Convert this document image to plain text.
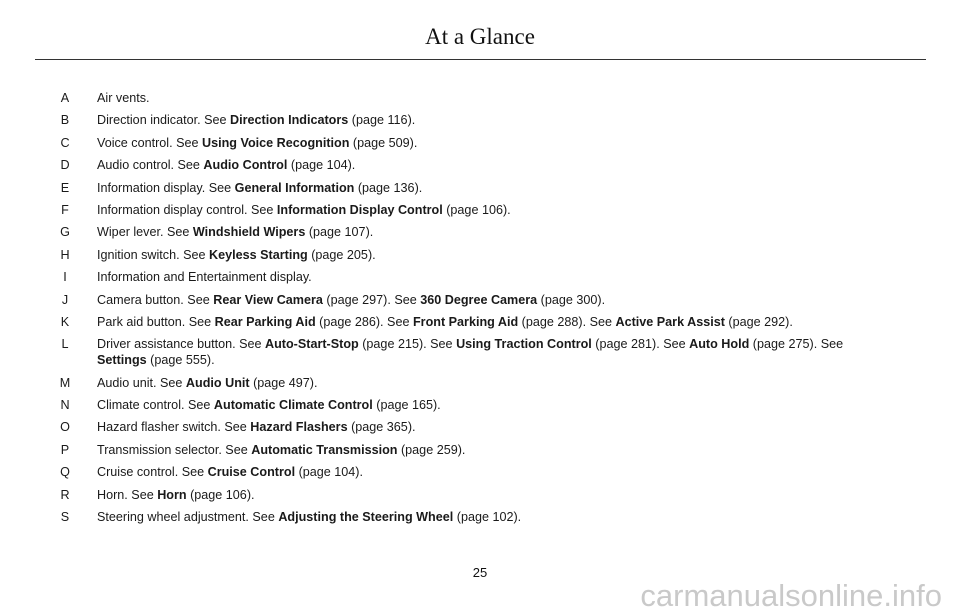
At a Glance
A	Air vents.
B	Direction indicator. See Direction Indicators (page 116).
C	Voice control. See Using Voice Recognition (page 509).
D	Audio control. See Audio Control (page 104).
E	Information display. See General Information (page 136).
F	Information display control. See Information Display Control (page 106).
G	Wiper lever. See Windshield Wipers (page 107).
H	Ignition switch. See Keyless Starting (page 205).
I	Information and Entertainment display.
J	Camera button. See Rear View Camera (page 297). See 360 Degree Camera (page 300).
K	Park aid button. See Rear Parking Aid (page 286). See Front Parking Aid (page 288). See Active Park Assist (page 292).
L	Driver assistance button. See Auto-Start-Stop (page 215). See Using Traction Control (page 281). See Auto Hold (page 275). See
Settings (page 555).
M	Audio unit. See Audio Unit (page 497).
N	Climate control. See Automatic Climate Control (page 165).
O	Hazard flasher switch. See Hazard Flashers (page 365).
P	Transmission selector. See Automatic Transmission (page 259).
Q	Cruise control. See Cruise Control (page 104).
R	Horn. See Horn (page 106).
S	Steering wheel adjustment. See Adjusting the Steering Wheel (page 102).
25
carmanualsonline.info
